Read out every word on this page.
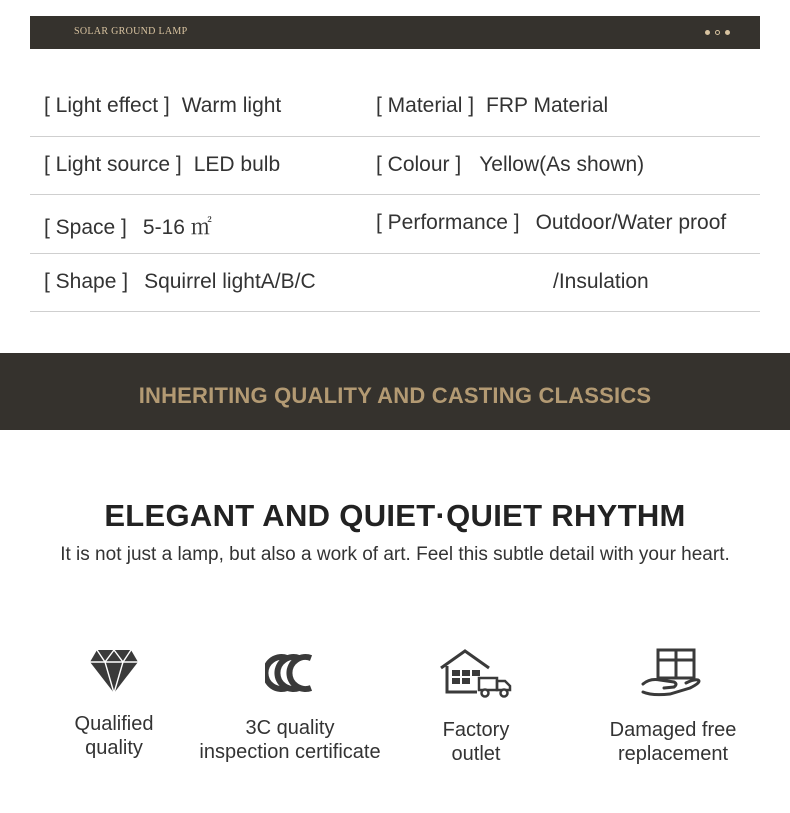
SOLAR GROUND LAMP
[ Light effect ] Warm light	[ Material ] FRP Material
[ Light source ] LED bulb	[ Colour ] Yellow(As shown)
[ Space ] 5-16 ㎡	[ Performance ] Outdoor/Water proof
[ Shape ] Squirrel lightA/B/C	/Insulation
INHERITING QUALITY AND CASTING CLASSICS
ELEGANT AND QUIET·QUIET RHYTHM
It is not just a lamp, but also a work of art. Feel this subtle detail with your heart.
Qualified
quality
3C quality
inspection certificate
Factory
outlet
Damaged free
replacement
